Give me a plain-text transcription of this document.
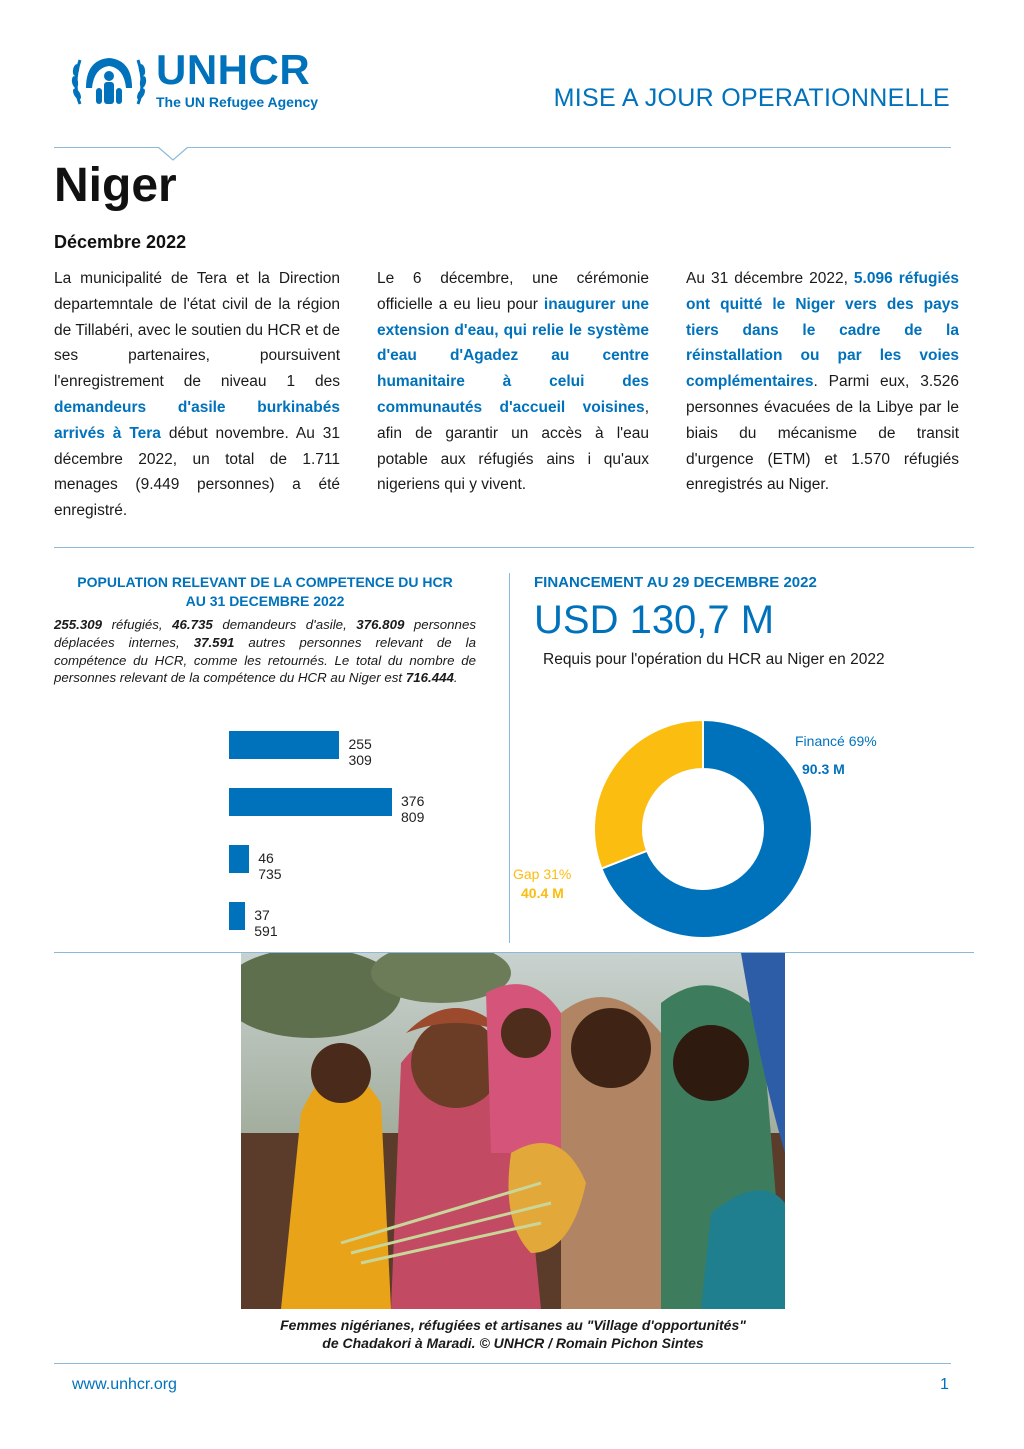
UNHCR
The UN Refugee Agency	MISE A JOUR OPERATIONNELLE
Niger
Décembre 2022
La municipalité de Tera et la Direction departemntale de l'état civil de la région de Tillabéri, avec le soutien du HCR et de ses partenaires, poursuivent l'enregistrement de niveau 1 des demandeurs d'asile burkinabés arrivés à Tera début novembre. Au 31 décembre 2022, un total de 1.711 menages (9.449 personnes) a été enregistré.
Le 6 décembre, une cérémonie officielle a eu lieu pour inaugurer une extension d'eau, qui relie le système d'eau d'Agadez au centre humanitaire à celui des communautés d'accueil voisines, afin de garantir un accès à l'eau potable aux réfugiés ains i qu'aux nigeriens qui y vivent.
Au 31 décembre 2022, 5.096 réfugiés ont quitté le Niger vers des pays tiers dans le cadre de la réinstallation ou par les voies complémentaires. Parmi eux, 3.526 personnes évacuées de la Libye par le biais du mécanisme de transit d'urgence (ETM) et 1.570 réfugiés enregistrés au Niger.
POPULATION RELEVANT DE LA COMPETENCE DU HCR
AU 31 DECEMBRE 2022
255.309 réfugiés, 46.735 demandeurs d'asile, 376.809 personnes déplacées internes, 37.591 autres personnes relevant de la compétence du HCR, comme les retournés. Le total du nombre de personnes relevant de la compétence du HCR au Niger est 716.444.
255 309
376 809
46 735
37 591
FINANCEMENT AU 29 DECEMBRE 2022
USD 130,7 M
Requis pour l'opération du HCR au Niger en 2022
Financé 69%
90.3 M
Gap 31%
40.4 M
Femmes nigérianes, réfugiées et artisanes au "Village d'opportunités"
de Chadakori à Maradi. © UNHCR / Romain Pichon Sintes
www.unhcr.org	1
